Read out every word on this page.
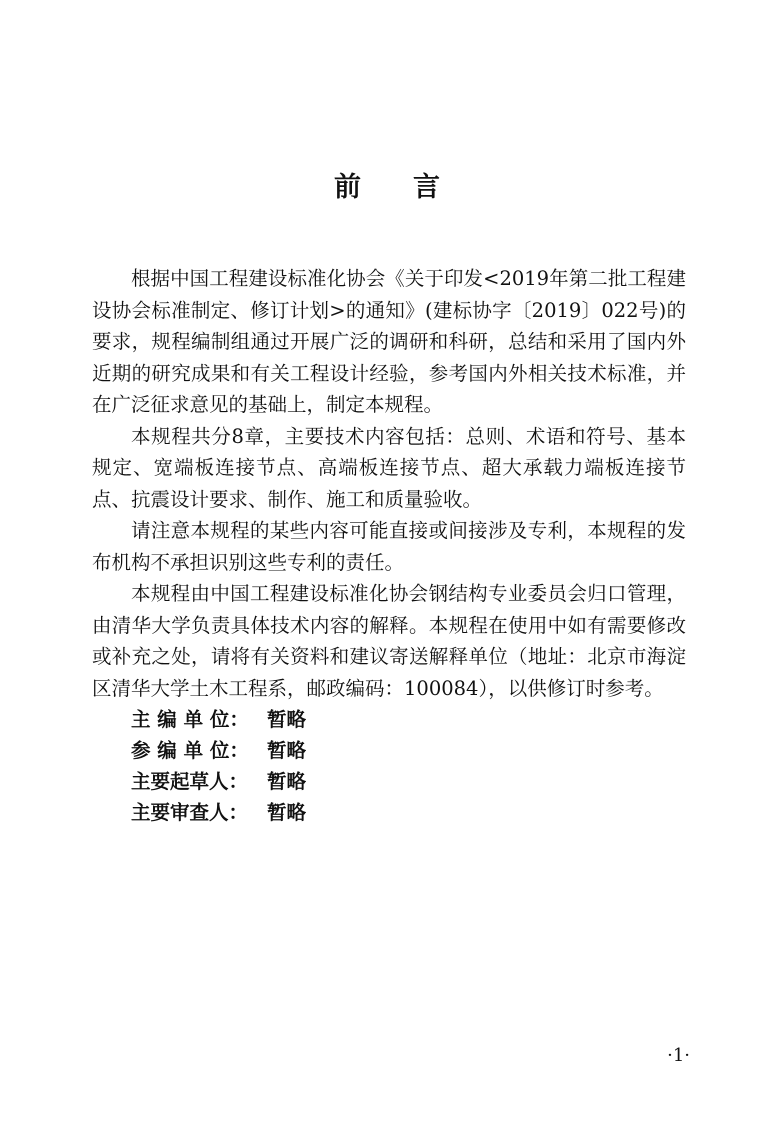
前言

根据中国工程建设标准化协会《关于印发<2019年第二批工程建设协会标准制定、修订计划>的通知》(建标协字〔2019〕022号)的要求，规程编制组通过开展广泛的调研和科研，总结和采用了国内外近期的研究成果和有关工程设计经验，参考国内外相关技术标准，并在广泛征求意见的基础上，制定本规程。

本规程共分8章，主要技术内容包括：总则、术语和符号、基本规定、宽端板连接节点、高端板连接节点、超大承载力端板连接节点、抗震设计要求、制作、施工和质量验收。

请注意本规程的某些内容可能直接或间接涉及专利，本规程的发布机构不承担识别这些专利的责任。

本规程由中国工程建设标准化协会钢结构专业委员会归口管理，由清华大学负责具体技术内容的解释。本规程在使用中如有需要修改或补充之处，请将有关资料和建议寄送解释单位（地址：北京市海淀区清华大学土木工程系，邮政编码：100084），以供修订时参考。

主 编 单 位： 暂略
参 编 单 位： 暂略
主要起草人： 暂略
主要审查人： 暂略
·1·
